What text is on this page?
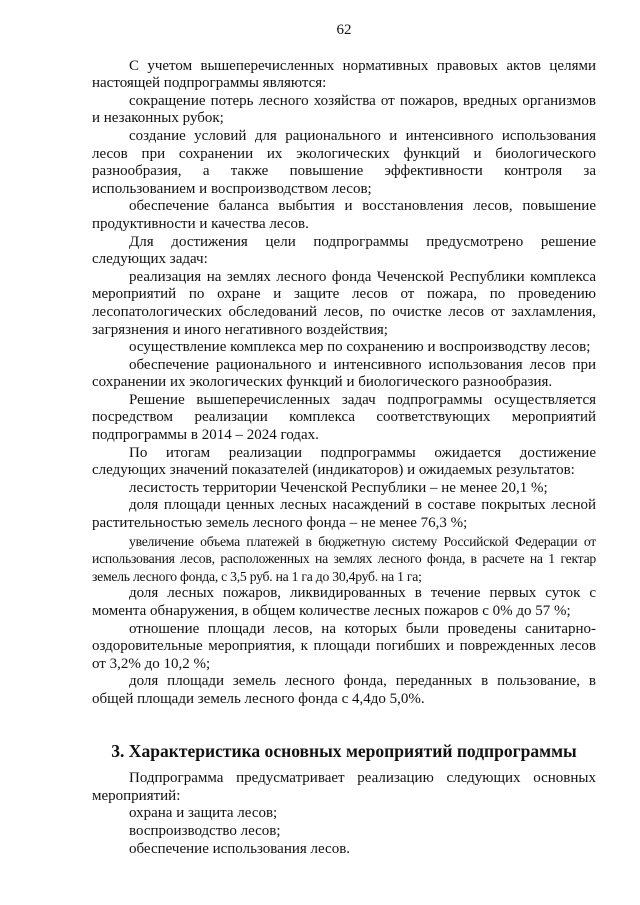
62

С учетом вышеперечисленных нормативных правовых актов целями настоящей подпрограммы являются:

сокращение потерь лесного хозяйства от пожаров, вредных организмов и незаконных рубок;

создание условий для рационального и интенсивного использования лесов при сохранении их экологических функций и биологического разнообразия, а также повышение эффективности контроля за использованием и воспроизводством лесов;

обеспечение баланса выбытия и восстановления лесов, повышение продуктивности и качества лесов.

Для достижения цели подпрограммы предусмотрено решение следующих задач:

реализация на землях лесного фонда Чеченской Республики комплекса мероприятий по охране и защите лесов от пожара, по проведению лесопатологических обследований лесов, по очистке лесов от захламления, загрязнения и иного негативного воздействия;

осуществление комплекса мер по сохранению и воспроизводству лесов;

обеспечение рационального и интенсивного использования лесов при сохранении их экологических функций и биологического разнообразия.

Решение вышеперечисленных задач подпрограммы осуществляется посредством реализации комплекса соответствующих мероприятий подпрограммы в 2014 – 2024 годах.

По итогам реализации подпрограммы ожидается достижение следующих значений показателей (индикаторов) и ожидаемых результатов:

лесистость территории Чеченской Республики – не менее 20,1 %;

доля площади ценных лесных насаждений в составе покрытых лесной растительностью земель лесного фонда – не менее 76,3 %;

увеличение объема платежей в бюджетную систему Российской Федерации от использования лесов, расположенных на землях лесного фонда, в расчете на 1 гектар земель лесного фонда, с 3,5 руб. на 1 га до 30,4руб. на 1 га;

доля лесных пожаров, ликвидированных в течение первых суток с момента обнаружения, в общем количестве лесных пожаров с 0% до 57 %;

отношение площади лесов, на которых были проведены санитарно-оздоровительные мероприятия, к площади погибших и поврежденных лесов от 3,2% до 10,2 %;

доля площади земель лесного фонда, переданных в пользование, в общей площади земель лесного фонда с 4,4до 5,0%.

3. Характеристика основных мероприятий подпрограммы

Подпрограмма предусматривает реализацию следующих основных мероприятий:

охрана и защита лесов;

воспроизводство лесов;

обеспечение использования лесов.
